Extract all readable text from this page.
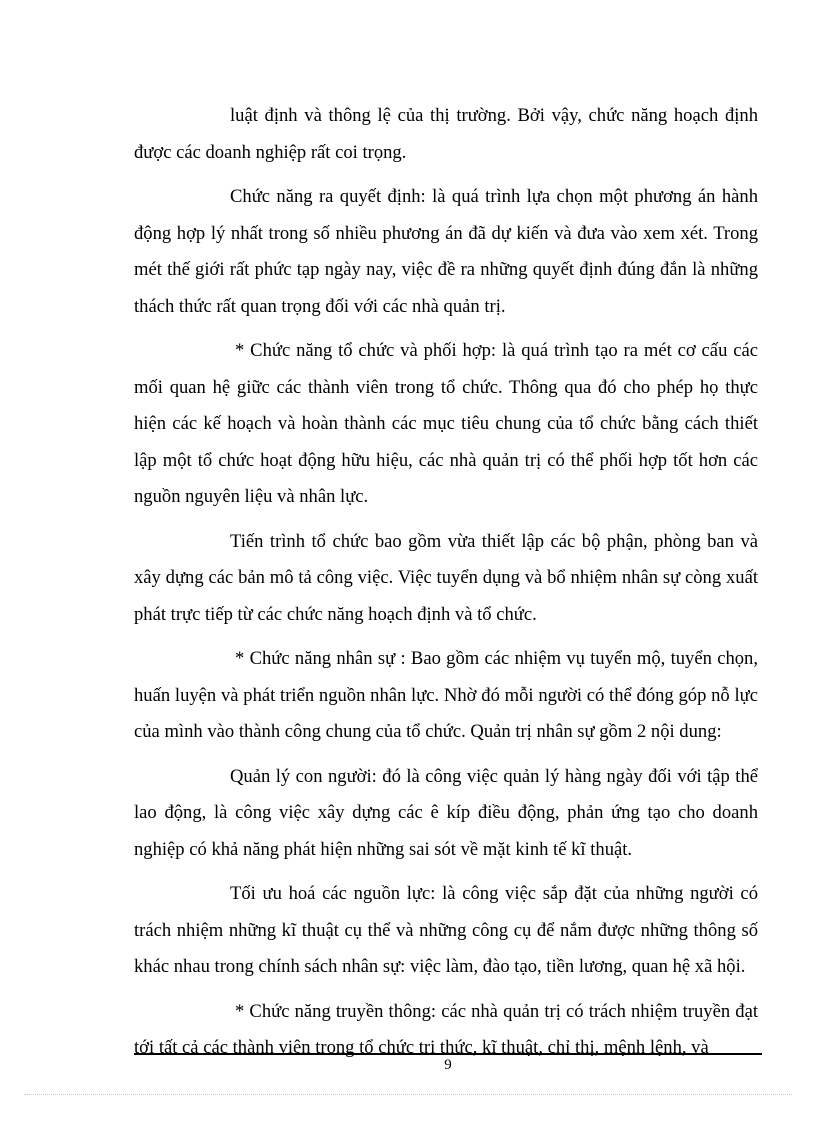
luật định và thông lệ của thị trường. Bởi vậy, chức năng hoạch định được các doanh nghiệp rất coi trọng.

Chức năng ra quyết định: là quá trình lựa chọn một phương án hành động hợp lý nhất trong số nhiều phương án đã dự kiến và đưa vào xem xét. Trong mét thế giới rất phức tạp ngày nay, việc đề ra những quyết định đúng đắn là những thách thức rất quan trọng đối với các nhà quản trị.

* Chức năng tổ chức và phối hợp: là quá trình tạo ra mét cơ cấu các mối quan hệ giữc các thành viên trong tổ chức. Thông qua đó cho phép họ thực hiện các kế hoạch và hoàn thành các mục tiêu chung của tổ chức bằng cách thiết lập một tổ chức hoạt động hữu hiệu, các nhà quản trị có thể phối hợp tốt hơn các nguồn nguyên liệu và nhân lực.

Tiến trình tổ chức bao gồm vừa thiết lập các bộ phận, phòng ban và xây dựng các bản mô tả công việc. Việc tuyển dụng và bổ nhiệm nhân sự còng xuất phát trực tiếp từ các chức năng hoạch định và tổ chức.

* Chức năng nhân sự : Bao gồm các nhiệm vụ tuyển mộ, tuyển chọn, huấn luyện và phát triển nguồn nhân lực. Nhờ đó mỗi người có thể đóng góp nỗ lực của mình vào thành công chung của tổ chức. Quản trị nhân sự gồm 2 nội dung:

Quản lý con người: đó là công việc quản lý hàng ngày đối với tập thể lao động, là công việc xây dựng các ê kíp điều động, phản ứng tạo cho doanh nghiệp có khả năng phát hiện những sai sót về mặt kinh tế kĩ thuật.

Tối ưu hoá các nguồn lực: là công việc sắp đặt của những người có trách nhiệm những kĩ thuật cụ thể và những công cụ để nắm được những thông số khác nhau trong chính sách nhân sự: việc làm, đào tạo, tiền lương, quan hệ xã hội.

* Chức năng truyền thông: các nhà quản trị có trách nhiệm truyền đạt tới tất cả các thành viên trong tổ chức tri thức, kĩ thuật, chỉ thị, mệnh lệnh, và

9
